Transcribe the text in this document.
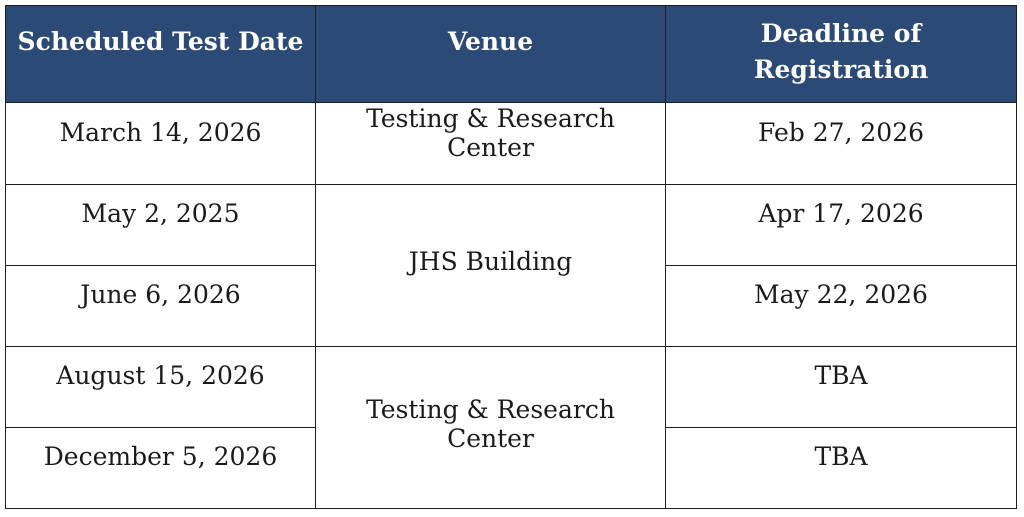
Scheduled Test Date	Venue	Deadline of
Registration
March 14, 2026	Testing & Research Center	Feb 27, 2026
May 2, 2025	JHS Building	Apr 17, 2026
June 6, 2026		May 22, 2026
August 15, 2026	Testing & Research Center	TBA
December 5, 2026		TBA
